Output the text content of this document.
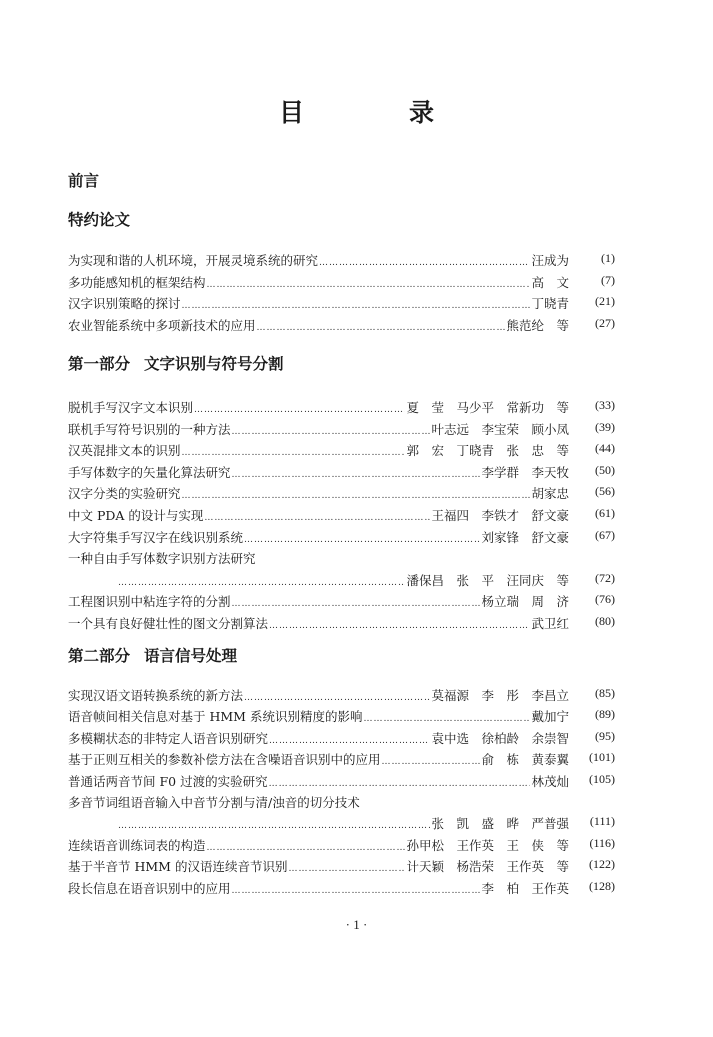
目　录
前言
特约论文
为实现和谐的人机环境，开展灵境系统的研究 …………………………………………………………………………………………………………………………………………………………………………	汪成为	(1)
多功能感知机的框架结构 …………………………………………………………………………………………………………………………………………………………………………	高　文	(7)
汉字识别策略的探讨 …………………………………………………………………………………………………………………………………………………………………………	丁晓青 (21)
农业智能系统中多项新技术的应用 …………………………………………………………………………………………………………………………………………………………………………	熊范纶　等 (27)
第一部分 文字识别与符号分割
脱机手写汉字文本识别 …………………………………………………………………………………………………………………………………………………………………………	夏　莹　马少平　常新功　等 (33)
联机手写符号识别的一种方法 …………………………………………………………………………………………………………………………………………………………………………	叶志远　李宝荣　顾小凤 (39)
汉英混排文本的识别 …………………………………………………………………………………………………………………………………………………………………………	郭　宏　丁晓青　张　忠　等 (44)
手写体数字的矢量化算法研究 …………………………………………………………………………………………………………………………………………………………………………	李学群　李天牧 (50)
汉字分类的实验研究 …………………………………………………………………………………………………………………………………………………………………………	胡家忠 (56)
中文 PDA 的设计与实现 …………………………………………………………………………………………………………………………………………………………………………	王福四　李铁才　舒文豪 (61)
大字符集手写汉字在线识别系统 …………………………………………………………………………………………………………………………………………………………………………	刘家锋　舒文豪 (67)
一种自由手写体数字识别方法研究
…………………………………………………………………………………………………………………………………………………………………………
潘保昌　张　平　汪同庆　等 (72)
工程图识别中粘连字符的分割 …………………………………………………………………………………………………………………………………………………………………………	杨立瑞　周　济 (76)
一个具有良好健壮性的图文分割算法 …………………………………………………………………………………………………………………………………………………………………………	武卫红 (80)
第二部分 语言信号处理
实现汉语文语转换系统的新方法 …………………………………………………………………………………………………………………………………………………………………………	莫福源　李　彤　李昌立 (85)
语音帧间相关信息对基于 HMM 系统识别精度的影响 …………………………………………………………………………………………………………………………………………………………………………	戴加宁 (89)
多模糊状态的非特定人语音识别研究 …………………………………………………………………………………………………………………………………………………………………………	袁中选　徐柏龄　余崇智 (95)
基于正则互相关的参数补偿方法在含噪语音识别中的应用 …………………………………………………………………………………………………………………………………………………………………………	俞　栋　黄泰翼 (101)
普通话两音节间 F0 过渡的实验研究 …………………………………………………………………………………………………………………………………………………………………………	林茂灿 (105)
多音节词组语音输入中音节分割与清/浊音的切分技术
…………………………………………………………………………………………………………………………………………………………………………
张　凯　盛　晔　严普强 (111)
连续语音训练词表的构造 …………………………………………………………………………………………………………………………………………………………………………	孙甲松　王作英　王　侠　等 (116)
基于半音节 HMM 的汉语连续音节识别 …………………………………………………………………………………………………………………………………………………………………………	计天颖　杨浩荣　王作英　等 (122)
段长信息在语音识别中的应用 …………………………………………………………………………………………………………………………………………………………………………	李　柏　王作英 (128)
· 1 ·
